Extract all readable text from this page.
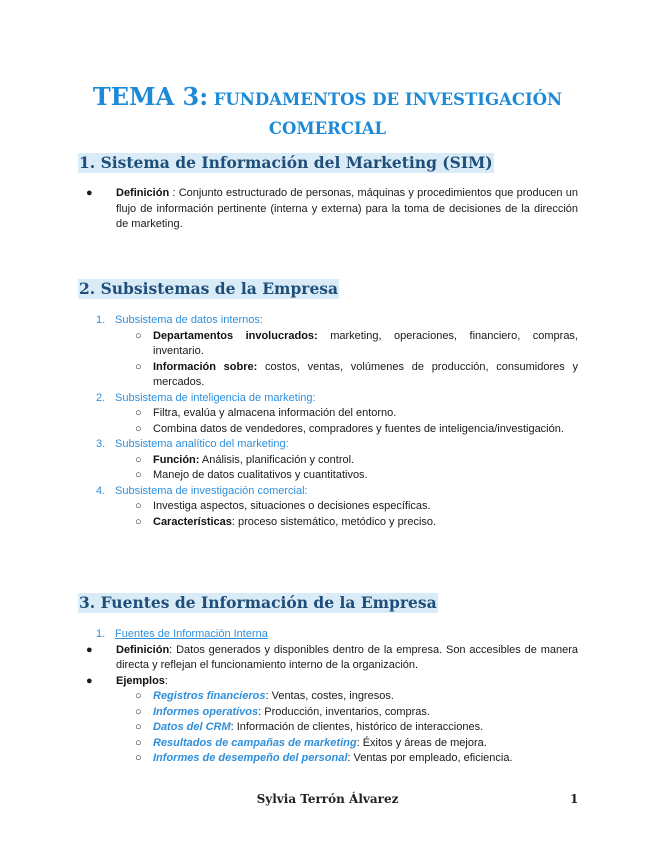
TEMA 3: FUNDAMENTOS DE INVESTIGACIÓN
COMERCIAL
1. Sistema de Información del Marketing (SIM)
● Definición : Conjunto estructurado de personas, máquinas y procedimientos que producen un flujo de información pertinente (interna y externa) para la toma de decisiones de la dirección de marketing.
2. Subsistemas de la Empresa
1. Subsistema de datos internos:
○ Departamentos involucrados: marketing, operaciones, financiero, compras, inventario.
○ Información sobre: costos, ventas, volúmenes de producción, consumidores y mercados.
2. Subsistema de inteligencia de marketing:
○ Filtra, evalúa y almacena información del entorno.
○ Combina datos de vendedores, compradores y fuentes de inteligencia/investigación.
3. Subsistema analítico del marketing:
○ Función: Análisis, planificación y control.
○ Manejo de datos cualitativos y cuantitativos.
4. Subsistema de investigación comercial:
○ Investiga aspectos, situaciones o decisiones específicas.
○ Características: proceso sistemático, metódico y preciso.
3. Fuentes de Información de la Empresa
1. Fuentes de Información Interna
● Definición: Datos generados y disponibles dentro de la empresa. Son accesibles de manera directa y reflejan el funcionamiento interno de la organización.
● Ejemplos:
○ Registros financieros: Ventas, costes, ingresos.
○ Informes operativos: Producción, inventarios, compras.
○ Datos del CRM: Información de clientes, histórico de interacciones.
○ Resultados de campañas de marketing: Éxitos y áreas de mejora.
○ Informes de desempeño del personal: Ventas por empleado, eficiencia.
Sylvia Terrón Álvarez	1
